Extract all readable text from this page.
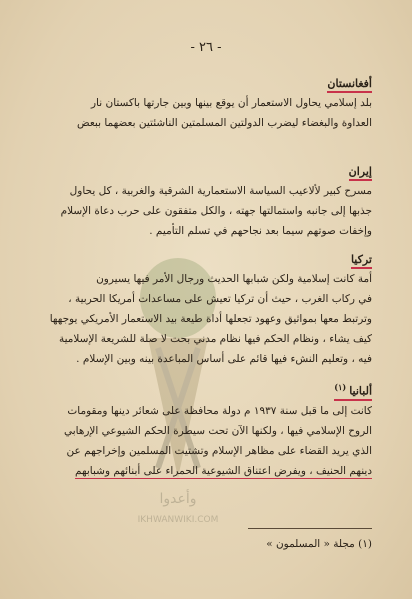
وأعدوا
IKHWANWIKI.COM
- ٢٦ -
أفغانستان

بلد إسلامي يحاول الاستعمار أن يوقع بينها وبين جارتها باكستان نار

العداوة والبغضاء ليضرب الدولتين المسلمتين الناشئتين بعضهما ببعض

إيران

مسرح كبير لألاعيب السياسة الاستعمارية الشرقية والغربية ، كل يحاول

جذبها إلى جانبه واستمالتها جهته ، والكل متفقون على حرب دعاة الإسلام

وإخفات صوتهم سيما بعد نجاحهم في تسلم التأميم .

تركيا

أمة كانت إسلامية ولكن شبابها الحديث ورجال الأمر فيها يسيرون

في ركاب الغرب ، حيث أن تركيا تعيش على مساعدات أمريكا الحربية ،

وترتبط معها بمواثيق وعهود تجعلها أداة طيعة بيد الاستعمار الأمريكي يوجهها

كيف يشاء ، ونظام الحكم فيها نظام مدني بحت لا صلة للشريعة الإسلامية

فيه ، وتعليم النشء فيها قائم على أساس المباعدة بينه وبين الإسلام .

ألبانيا$^{(١)}$

كانت إلى ما قبل سنة ١٩٣٧ م دولة محافظة على شعائر دينها ومقومات

الروح الإسلامي فيها ، ولكنها الآن تحت سيطرة الحكم الشيوعي الإرهابي

الذي يريد القضاء على مظاهر الإسلام وتشتيت المسلمين وإخراجهم عن

دينهم الحنيف ، ويفرض اعتناق الشيوعية الحمراء على أبنائهم وشبابهم

(١) مجلة « المسلمون »
